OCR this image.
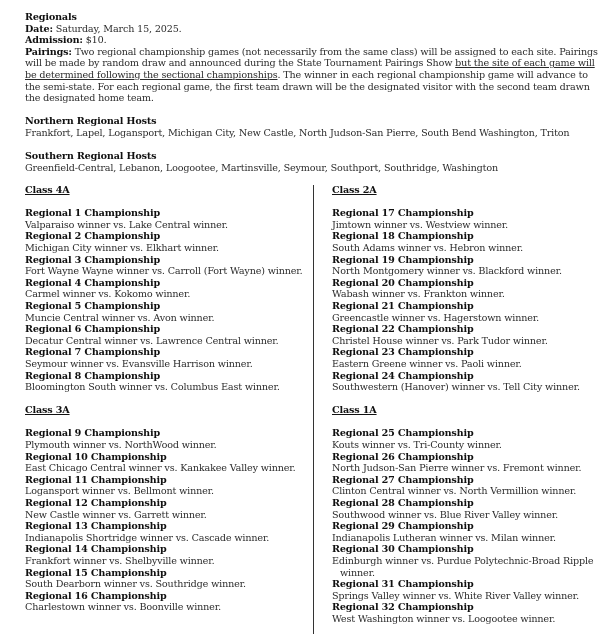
Regionals

Date: Saturday, March 15, 2025.

Admission: $10.

Pairings: Two regional championship games (not necessarily from the same class) will be assigned to each site. Pairings will be made by random draw and announced during the State Tournament Pairings Show but the site of each game will be determined following the sectional championships. The winner in each regional championship game will advance to the semi-state. For each regional game, the first team drawn will be the designated visitor with the second team drawn the designated home team.

Northern Regional Hosts

Frankfort, Lapel, Logansport, Michigan City, New Castle, North Judson-San Pierre, South Bend Washington, Triton

Southern Regional Hosts

Greenfield-Central, Lebanon, Loogootee, Martinsville, Seymour, Southport, Southridge, Washington

Class 4A
Regional 1 Championship
Valparaiso winner vs. Lake Central winner.
Regional 2 Championship
Michigan City winner vs. Elkhart winner.
Regional 3 Championship
Fort Wayne Wayne winner vs. Carroll (Fort Wayne) winner.
Regional 4 Championship
Carmel winner vs. Kokomo winner.
Regional 5 Championship
Muncie Central winner vs. Avon winner.
Regional 6 Championship
Decatur Central winner vs. Lawrence Central winner.
Regional 7 Championship
Seymour winner vs. Evansville Harrison winner.
Regional 8 Championship
Bloomington South winner vs. Columbus East winner.
Class 3A
Regional 9 Championship
Plymouth winner vs. NorthWood winner.
Regional 10 Championship
East Chicago Central winner vs. Kankakee Valley winner.
Regional 11 Championship
Logansport winner vs. Bellmont winner.
Regional 12 Championship
New Castle winner vs. Garrett winner.
Regional 13 Championship
Indianapolis Shortridge winner vs. Cascade winner.
Regional 14 Championship
Frankfort winner vs. Shelbyville winner.
Regional 15 Championship
South Dearborn winner vs. Southridge winner.
Regional 16 Championship
Charlestown winner vs. Boonville winner.
Class 2A
Regional 17 Championship
Jimtown winner vs. Westview winner.
Regional 18 Championship
South Adams winner vs. Hebron winner.
Regional 19 Championship
North Montgomery winner vs. Blackford winner.
Regional 20 Championship
Wabash winner vs. Frankton winner.
Regional 21 Championship
Greencastle winner vs. Hagerstown winner.
Regional 22 Championship
Christel House winner vs. Park Tudor winner.
Regional 23 Championship
Eastern Greene winner vs. Paoli winner.
Regional 24 Championship
Southwestern (Hanover) winner vs. Tell City winner.
Class 1A
Regional 25 Championship
Kouts winner vs. Tri-County winner.
Regional 26 Championship
North Judson-San Pierre winner vs. Fremont winner.
Regional 27 Championship
Clinton Central winner vs. North Vermillion winner.
Regional 28 Championship
Southwood winner vs. Blue River Valley winner.
Regional 29 Championship
Indianapolis Lutheran winner vs. Milan winner.
Regional 30 Championship
Edinburgh winner vs. Purdue Polytechnic-Broad Ripple winner.
Regional 31 Championship
Springs Valley winner vs. White River Valley winner.
Regional 32 Championship
West Washington winner vs. Loogootee winner.
